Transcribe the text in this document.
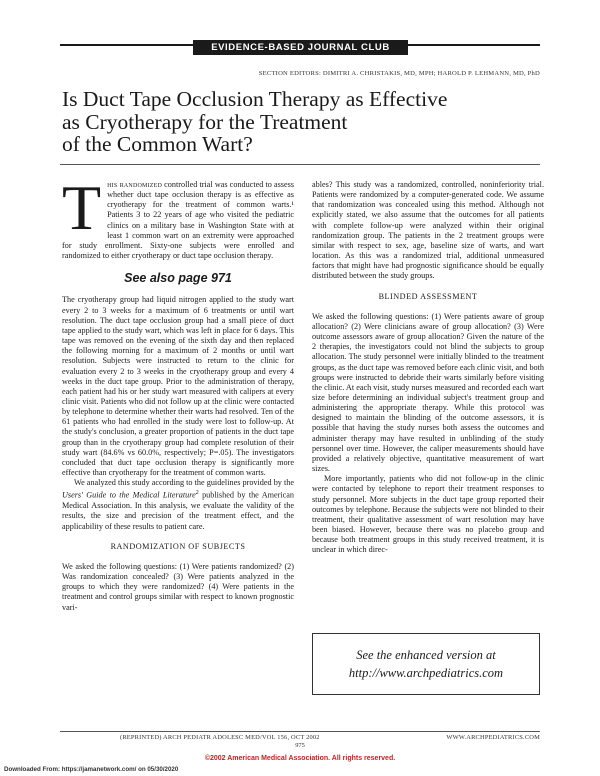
EVIDENCE-BASED JOURNAL CLUB
SECTION EDITORS: DIMITRI A. CHRISTAKIS, MD, MPH; HAROLD P. LEHMANN, MD, PhD
Is Duct Tape Occlusion Therapy as Effective
as Cryotherapy for the Treatment
of the Common Wart?

This randomized controlled trial was conducted to assess whether duct tape occlusion therapy is as effective as cryotherapy for the treatment of common warts.¹ Patients 3 to 22 years of age who visited the pediatric clinics on a military base in Washington State with at least 1 common wart on an extremity were approached for study enrollment. Sixty-one subjects were enrolled and randomized to either cryotherapy or duct tape occlusion therapy.

See also page 971

The cryotherapy group had liquid nitrogen applied to the study wart every 2 to 3 weeks for a maximum of 6 treatments or until wart resolution. The duct tape occlusion group had a small piece of duct tape applied to the study wart, which was left in place for 6 days. This tape was removed on the evening of the sixth day and then replaced the following morning for a maximum of 2 months or until wart resolution. Subjects were instructed to return to the clinic for evaluation every 2 to 3 weeks in the cryotherapy group and every 4 weeks in the duct tape group. Prior to the administration of therapy, each patient had his or her study wart measured with calipers at every clinic visit. Patients who did not follow up at the clinic were contacted by telephone to determine whether their warts had resolved. Ten of the 61 patients who had enrolled in the study were lost to follow-up. At the study's conclusion, a greater proportion of patients in the duct tape group than in the cryotherapy group had complete resolution of their study wart (84.6% vs 60.0%, respectively; P=.05). The investigators concluded that duct tape occlusion therapy is significantly more effective than cryotherapy for the treatment of common warts.

We analyzed this study according to the guidelines provided by the Users' Guide to the Medical Literature$^2$ published by the American Medical Association. In this analysis, we evaluate the validity of the results, the size and precision of the treatment effect, and the applicability of these results to patient care.

RANDOMIZATION OF SUBJECTS

We asked the following questions: (1) Were patients randomized? (2) Was randomization concealed? (3) Were patients analyzed in the groups to which they were randomized? (4) Were patients in the treatment and control groups similar with respect to known prognostic vari-

ables? This study was a randomized, controlled, noninferiority trial. Patients were randomized by a computer-generated code. We assume that randomization was concealed using this method. Although not explicitly stated, we also assume that the outcomes for all patients with complete follow-up were analyzed within their original randomization group. The patients in the 2 treatment groups were similar with respect to sex, age, baseline size of warts, and wart location. As this was a randomized trial, additional unmeasured factors that might have had prognostic significance should be equally distributed between the study groups.

BLINDED ASSESSMENT

We asked the following questions: (1) Were patients aware of group allocation? (2) Were clinicians aware of group allocation? (3) Were outcome assessors aware of group allocation? Given the nature of the 2 therapies, the investigators could not blind the subjects to group allocation. The study personnel were initially blinded to the treatment groups, as the duct tape was removed before each clinic visit, and both groups were instructed to debride their warts similarly before visiting the clinic. At each visit, study nurses measured and recorded each wart size before determining an individual subject's treatment group and administering the appropriate therapy. While this protocol was designed to maintain the blinding of the outcome assessors, it is possible that having the study nurses both assess the outcomes and administer therapy may have resulted in unblinding of the study personnel over time. However, the caliper measurements should have provided a relatively objective, quantitative measurement of wart sizes.

More importantly, patients who did not follow-up in the clinic were contacted by telephone to report their treatment responses to study personnel. More subjects in the duct tape group reported their outcomes by telephone. Because the subjects were not blinded to their treatment, their qualitative assessment of wart resolution may have been biased. However, because there was no placebo group and because both treatment groups in this study received treatment, it is unclear in which direc-

See the enhanced version at
http://www.archpediatrics.com
(REPRINTED) ARCH PEDIATR ADOLESC MED/VOL 156, OCT 2002	WWW.ARCHPEDIATRICS.COM
975
©2002 American Medical Association. All rights reserved.
Downloaded From: https://jamanetwork.com/ on 05/30/2020
